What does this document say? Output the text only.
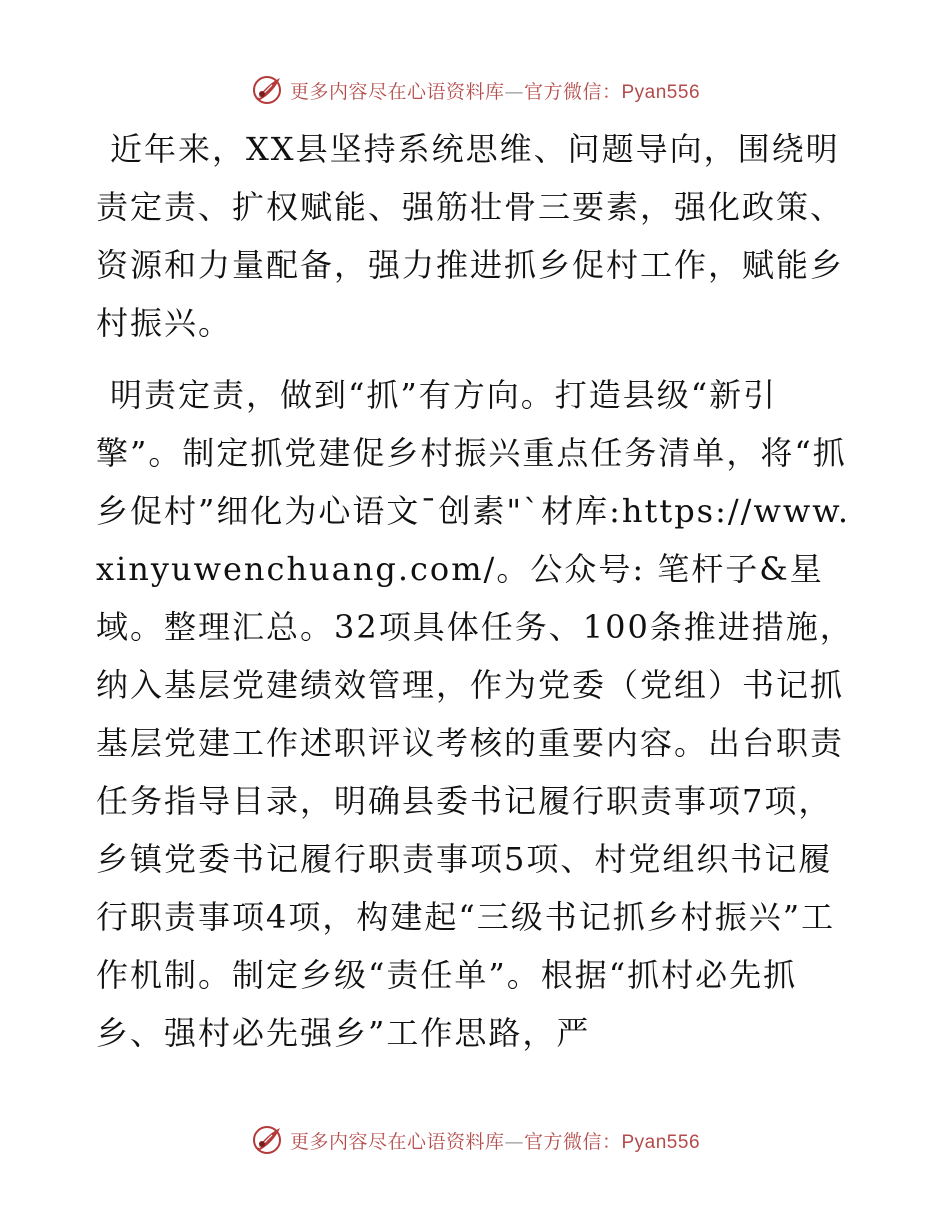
更多内容尽在心语资料库—官方微信：Pyan556

近年来，XX县坚持系统思维、问题导向，围绕明责定责、扩权赋能、强筋壮骨三要素，强化政策、资源和力量配备，强力推进抓乡促村工作，赋能乡村振兴。

明责定责，做到“抓”有方向。打造县级“新引擎”。制定抓党建促乡村振兴重点任务清单，将“抓乡促村”细化为心语文¯创素"`材库:https://www.xinyuwenchuang.com/。公众号: 笔杆子&星域。整理汇总。32项具体任务、100条推进措施，纳入基层党建绩效管理，作为党委（党组）书记抓基层党建工作述职评议考核的重要内容。出台职责任务指导目录，明确县委书记履行职责事项7项，乡镇党委书记履行职责事项5项、村党组织书记履行职责事项4项，构建起“三级书记抓乡村振兴”工作机制。制定乡级“责任单”。根据“抓村必先抓乡、强村必先强乡”工作思路，严

更多内容尽在心语资料库—官方微信：Pyan556
